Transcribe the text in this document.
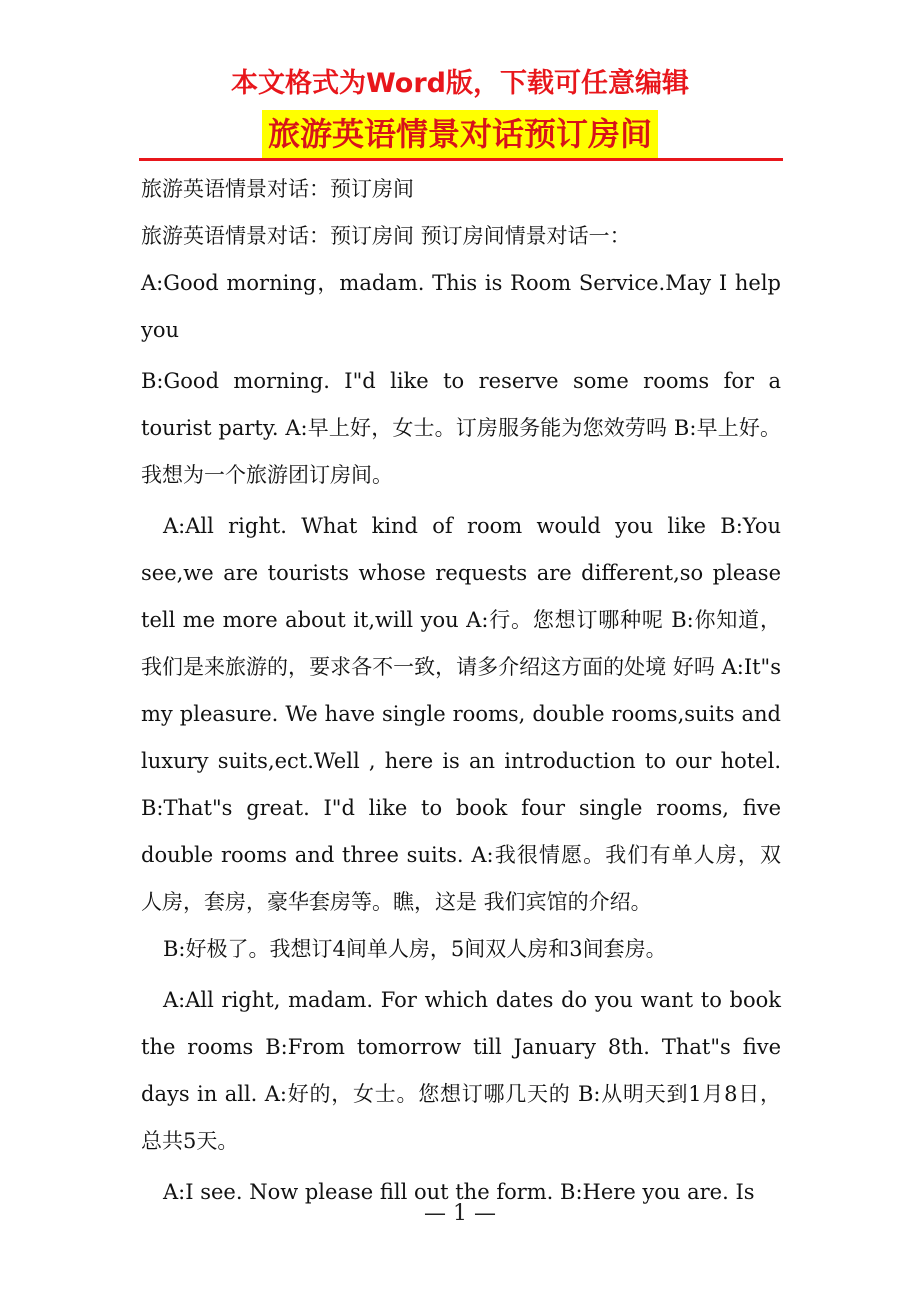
本文格式为Word版，下载可任意编辑
旅游英语情景对话预订房间

旅游英语情景对话：预订房间

旅游英语情景对话：预订房间 预订房间情景对话一：

A:Good morning，madam. This is Room Service.May I help you

B:Good morning. I"d like to reserve some rooms for a tourist party. A:早上好，女士。订房服务能为您效劳吗 B:早上好。我想为一个旅游团订房间。

A:All right. What kind of room would you like B:You see,we are tourists whose requests are different,so please tell me more about it,will you A:行。您想订哪种呢 B:你知道，我们是来旅游的，要求各不一致，请多介绍这方面的处境 好吗 A:It"s my pleasure. We have single rooms, double rooms,suits and luxury suits,ect.Well , here is an introduction to our hotel. B:That"s great. I"d like to book four single rooms, five double rooms and three suits. A:我很情愿。我们有单人房，双人房，套房，豪华套房等。瞧，这是 我们宾馆的介绍。

B:好极了。我想订4间单人房，5间双人房和3间套房。

A:All right, madam. For which dates do you want to book the rooms B:From tomorrow till January 8th. That"s five days in all. A:好的，女士。您想订哪几天的 B:从明天到1月8日，总共5天。

A:I see. Now please fill out the form. B:Here you are. Is

— 1 —
